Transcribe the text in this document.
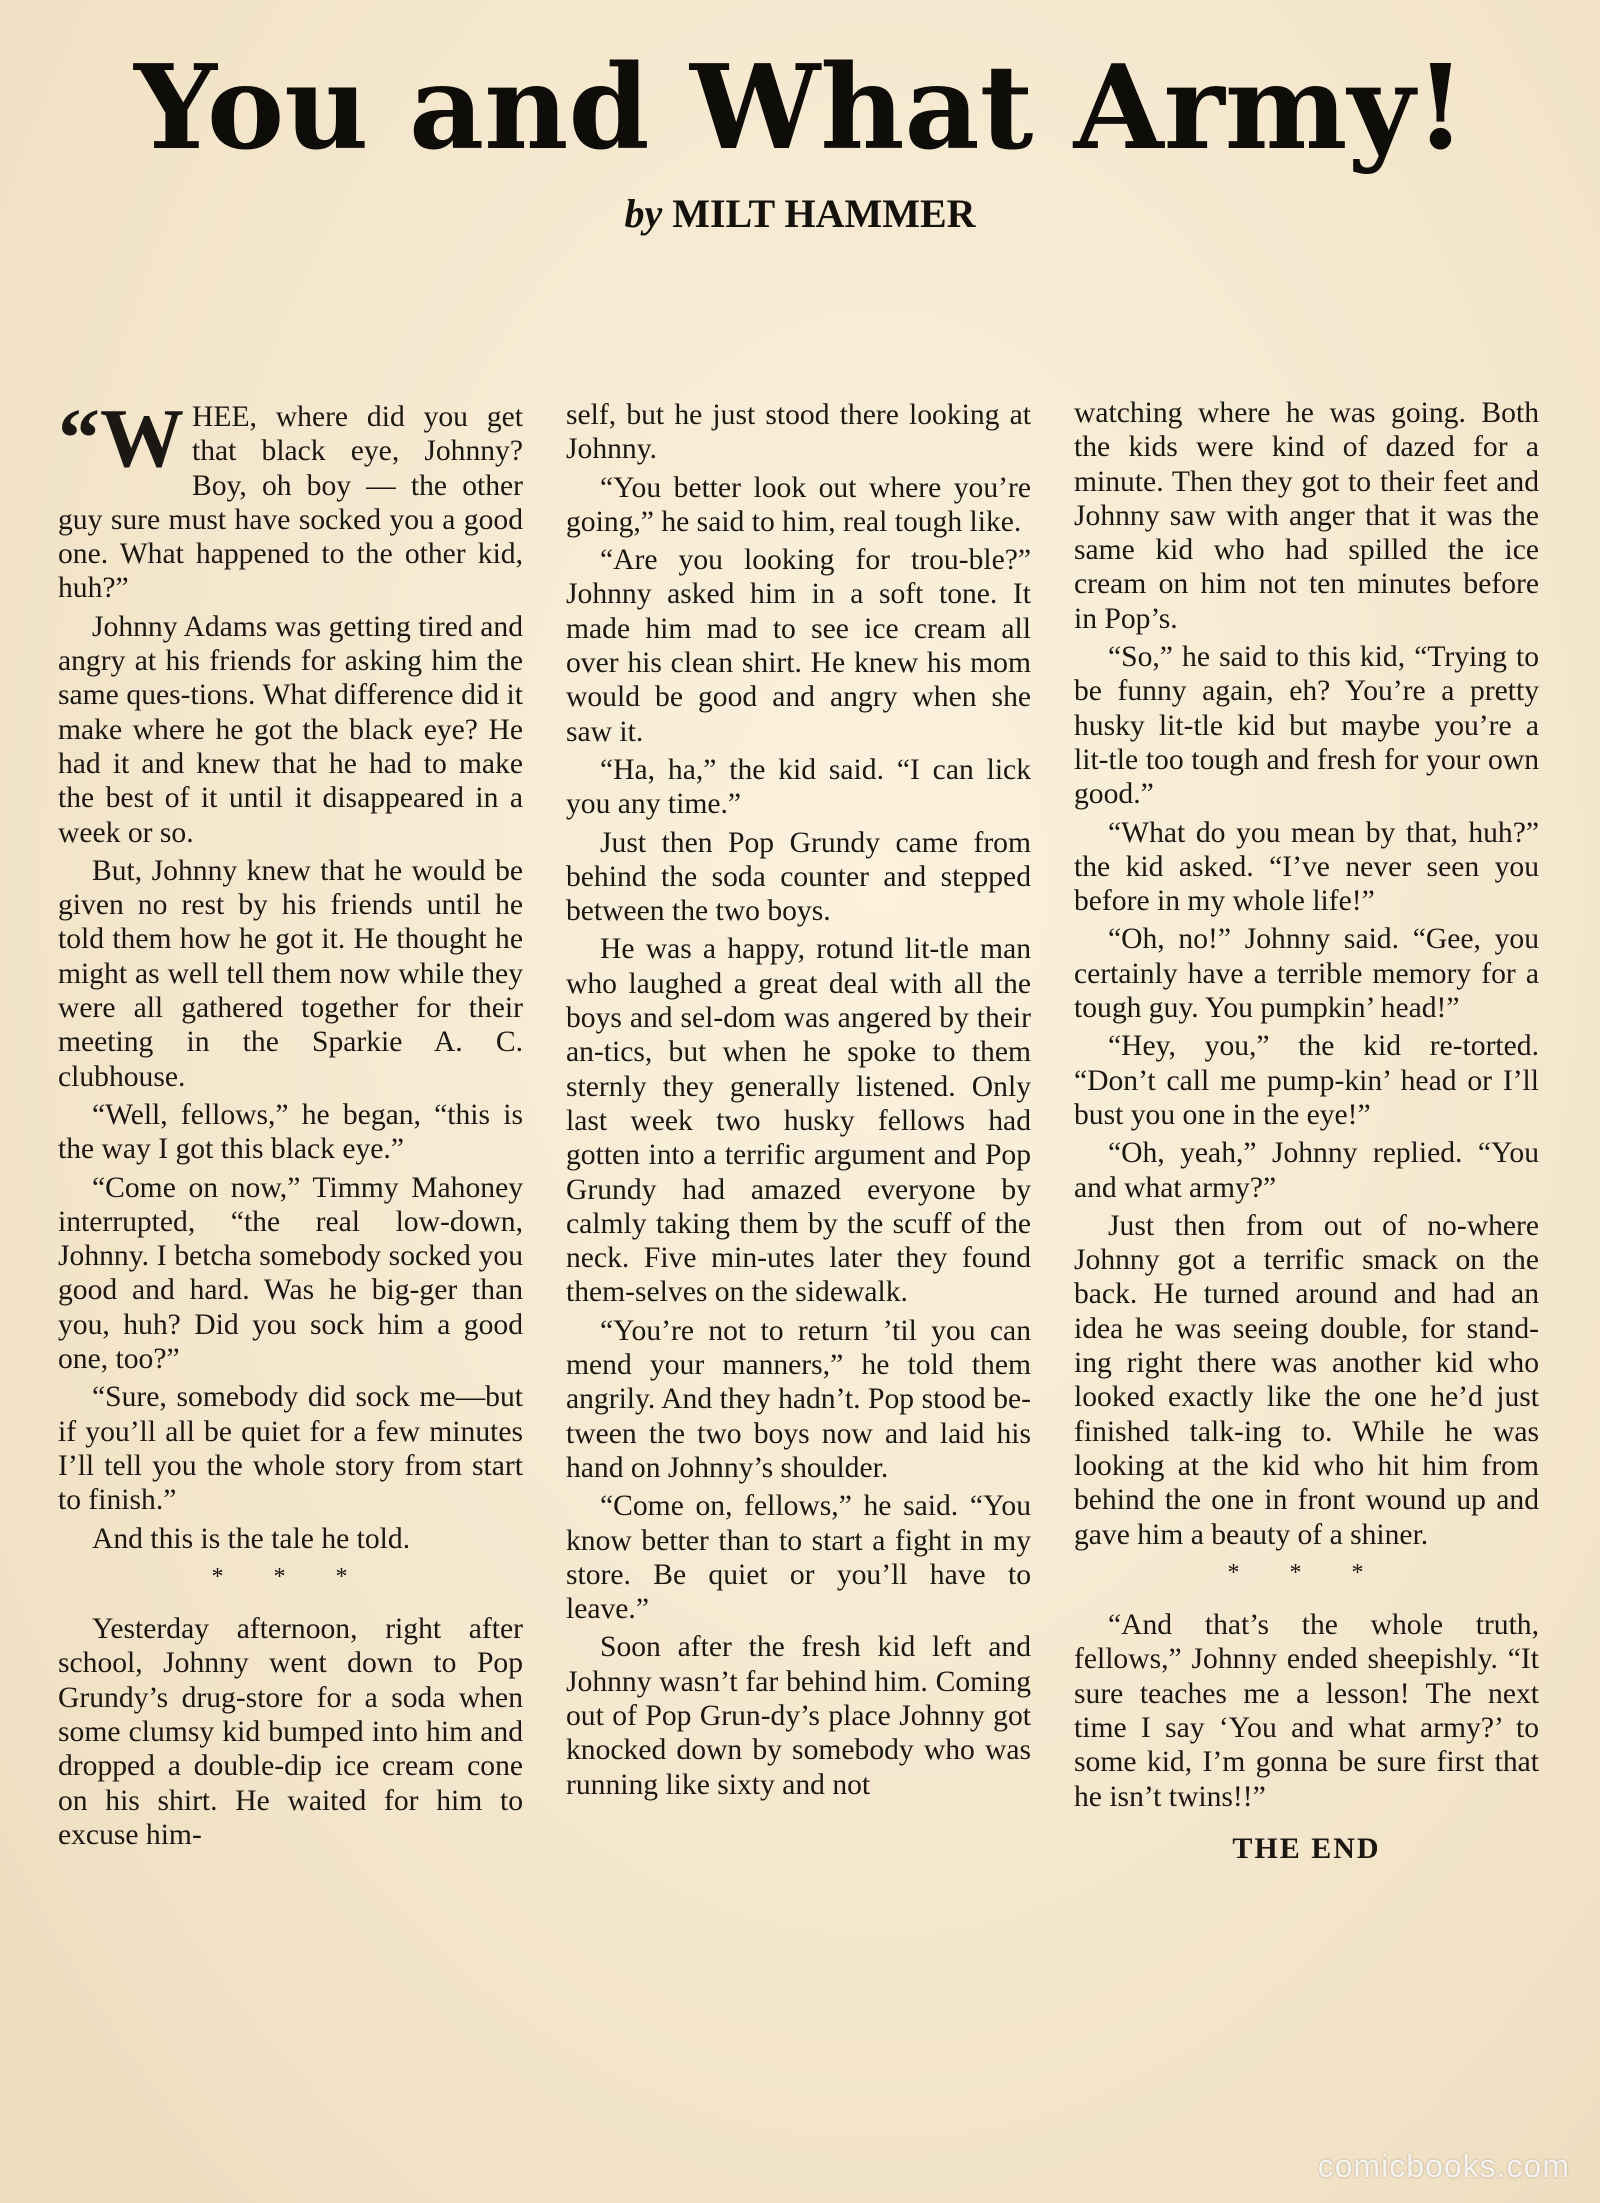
You and What Army!
by MILT HAMMER

“W HEE, where did you get that black eye, Johnny? Boy, oh boy — the other guy sure must have socked you a good one. What happened to the other kid, huh?”

Johnny Adams was getting tired and angry at his friends for asking him the same ques-tions. What difference did it make where he got the black eye? He had it and knew that he had to make the best of it until it disappeared in a week or so.

But, Johnny knew that he would be given no rest by his friends until he told them how he got it. He thought he might as well tell them now while they were all gathered together for their meeting in the Sparkie A. C. clubhouse.

“Well, fellows,” he began, “this is the way I got this black eye.”

“Come on now,” Timmy Mahoney interrupted, “the real low-down, Johnny. I betcha somebody socked you good and hard. Was he big-ger than you, huh? Did you sock him a good one, too?”

“Sure, somebody did sock me—but if you’ll all be quiet for a few minutes I’ll tell you the whole story from start to finish.”

And this is the tale he told.

* * *

Yesterday afternoon, right after school, Johnny went down to Pop Grundy’s drug-store for a soda when some clumsy kid bumped into him and dropped a double-dip ice cream cone on his shirt. He waited for him to excuse him-

self, but he just stood there looking at Johnny.

“You better look out where you’re going,” he said to him, real tough like.

“Are you looking for trou-ble?” Johnny asked him in a soft tone. It made him mad to see ice cream all over his clean shirt. He knew his mom would be good and angry when she saw it.

“Ha, ha,” the kid said. “I can lick you any time.”

Just then Pop Grundy came from behind the soda counter and stepped between the two boys.

He was a happy, rotund lit-tle man who laughed a great deal with all the boys and sel-dom was angered by their an-tics, but when he spoke to them sternly they generally listened. Only last week two husky fellows had gotten into a terrific argument and Pop Grundy had amazed everyone by calmly taking them by the scuff of the neck. Five min-utes later they found them-selves on the sidewalk.

“You’re not to return ’til you can mend your manners,” he told them angrily. And they hadn’t. Pop stood be-tween the two boys now and laid his hand on Johnny’s shoulder.

“Come on, fellows,” he said. “You know better than to start a fight in my store. Be quiet or you’ll have to leave.”

Soon after the fresh kid left and Johnny wasn’t far behind him. Coming out of Pop Grun-dy’s place Johnny got knocked down by somebody who was running like sixty and not

watching where he was going. Both the kids were kind of dazed for a minute. Then they got to their feet and Johnny saw with anger that it was the same kid who had spilled the ice cream on him not ten minutes before in Pop’s.

“So,” he said to this kid, “Trying to be funny again, eh? You’re a pretty husky lit-tle kid but maybe you’re a lit-tle too tough and fresh for your own good.”

“What do you mean by that, huh?” the kid asked. “I’ve never seen you before in my whole life!”

“Oh, no!” Johnny said. “Gee, you certainly have a terrible memory for a tough guy. You pumpkin’ head!”

“Hey, you,” the kid re-torted. “Don’t call me pump-kin’ head or I’ll bust you one in the eye!”

“Oh, yeah,” Johnny replied. “You and what army?”

Just then from out of no-where Johnny got a terrific smack on the back. He turned around and had an idea he was seeing double, for stand-ing right there was another kid who looked exactly like the one he’d just finished talk-ing to. While he was looking at the kid who hit him from behind the one in front wound up and gave him a beauty of a shiner.

* * *

“And that’s the whole truth, fellows,” Johnny ended sheepishly. “It sure teaches me a lesson! The next time I say ‘You and what army?’ to some kid, I’m gonna be sure first that he isn’t twins!!”

THE END
comicbooks.com
